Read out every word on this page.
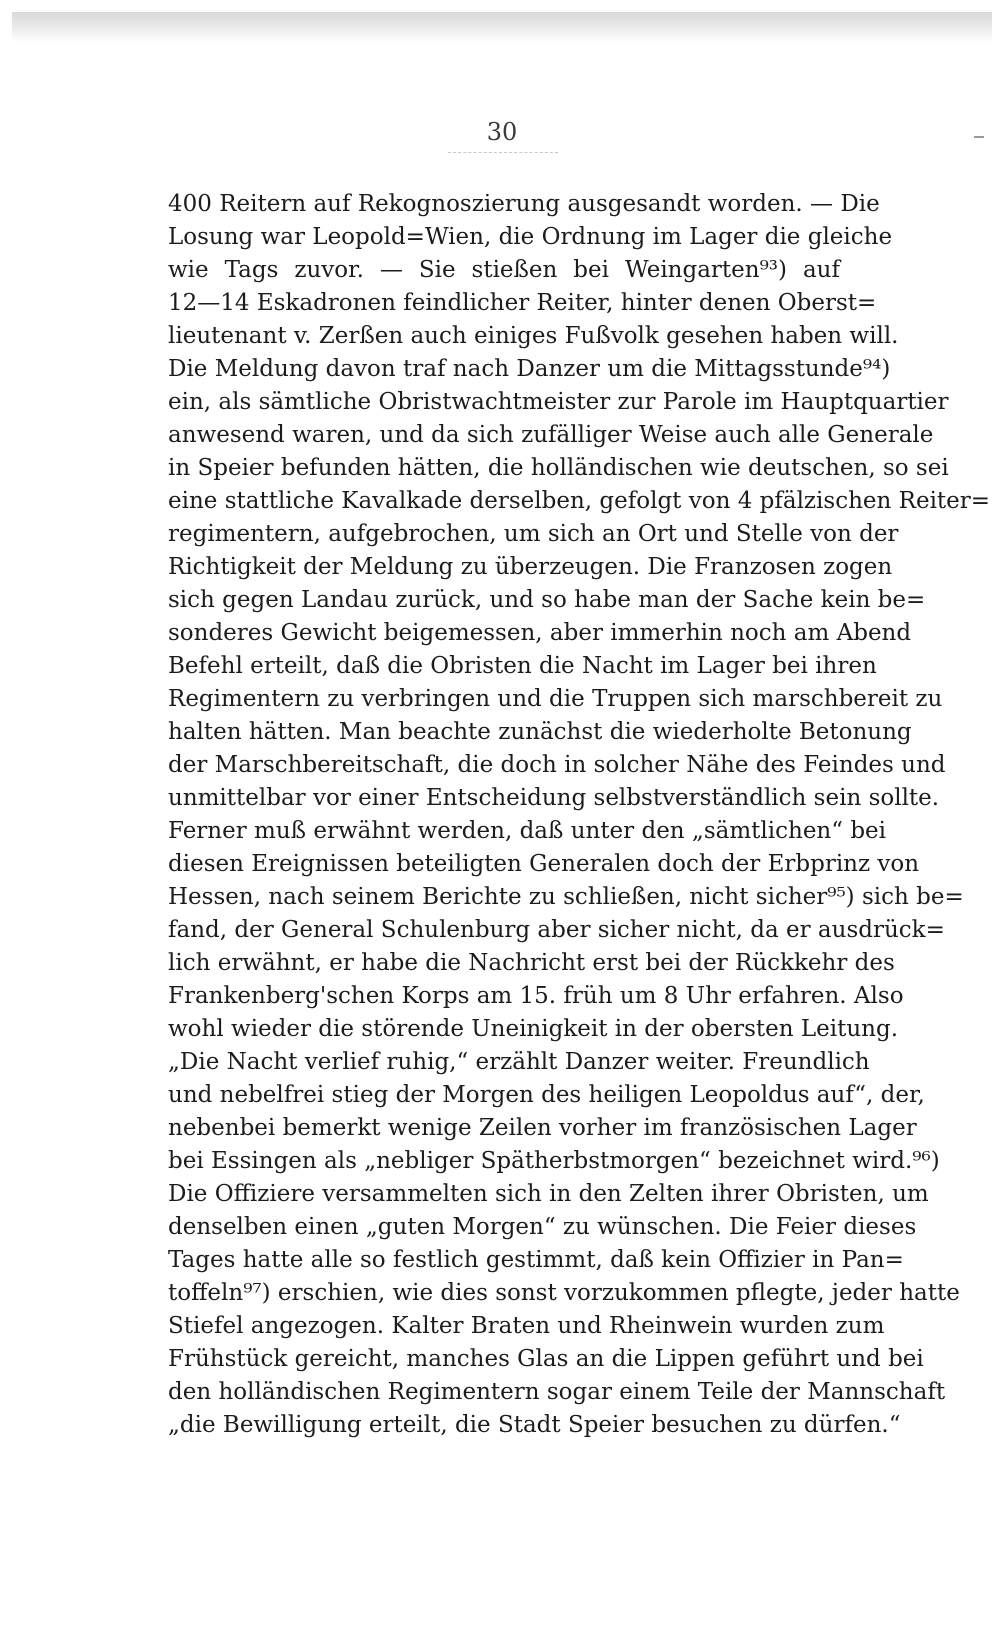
30

400 Reitern auf Rekognoszierung ausgesandt worden. — Die
Losung war Leopold=Wien, die Ordnung im Lager die gleiche
wie Tags zuvor. — Sie stießen bei Weingarten⁹³) auf
12—14 Eskadronen feindlicher Reiter, hinter denen Oberst=
lieutenant v. Zerßen auch einiges Fußvolk gesehen haben will.
Die Meldung davon traf nach Danzer um die Mittagsstunde⁹⁴)
ein, als sämtliche Obristwachtmeister zur Parole im Hauptquartier
anwesend waren, und da sich zufälliger Weise auch alle Generale
in Speier befunden hätten, die holländischen wie deutschen, so sei
eine stattliche Kavalkade derselben, gefolgt von 4 pfälzischen Reiter=
regimentern, aufgebrochen, um sich an Ort und Stelle von der
Richtigkeit der Meldung zu überzeugen. Die Franzosen zogen
sich gegen Landau zurück, und so habe man der Sache kein be=
sonderes Gewicht beigemessen, aber immerhin noch am Abend
Befehl erteilt, daß die Obristen die Nacht im Lager bei ihren
Regimentern zu verbringen und die Truppen sich marschbereit zu
halten hätten. Man beachte zunächst die wiederholte Betonung
der Marschbereitschaft, die doch in solcher Nähe des Feindes und
unmittelbar vor einer Entscheidung selbstverständlich sein sollte.
Ferner muß erwähnt werden, daß unter den „sämtlichen“ bei
diesen Ereignissen beteiligten Generalen doch der Erbprinz von
Hessen, nach seinem Berichte zu schließen, nicht sicher⁹⁵) sich be=
fand, der General Schulenburg aber sicher nicht, da er ausdrück=
lich erwähnt, er habe die Nachricht erst bei der Rückkehr des
Frankenberg'schen Korps am 15. früh um 8 Uhr erfahren. Also
wohl wieder die störende Uneinigkeit in der obersten Leitung.
„Die Nacht verlief ruhig,“ erzählt Danzer weiter. Freundlich
und nebelfrei stieg der Morgen des heiligen Leopoldus auf“, der,
nebenbei bemerkt wenige Zeilen vorher im französischen Lager
bei Essingen als „nebliger Spätherbstmorgen“ bezeichnet wird.⁹⁶)
Die Offiziere versammelten sich in den Zelten ihrer Obristen, um
denselben einen „guten Morgen“ zu wünschen. Die Feier dieses
Tages hatte alle so festlich gestimmt, daß kein Offizier in Pan=
toffeln⁹⁷) erschien, wie dies sonst vorzukommen pflegte, jeder hatte
Stiefel angezogen. Kalter Braten und Rheinwein wurden zum
Frühstück gereicht, manches Glas an die Lippen geführt und bei
den holländischen Regimentern sogar einem Teile der Mannschaft
„die Bewilligung erteilt, die Stadt Speier besuchen zu dürfen.“
